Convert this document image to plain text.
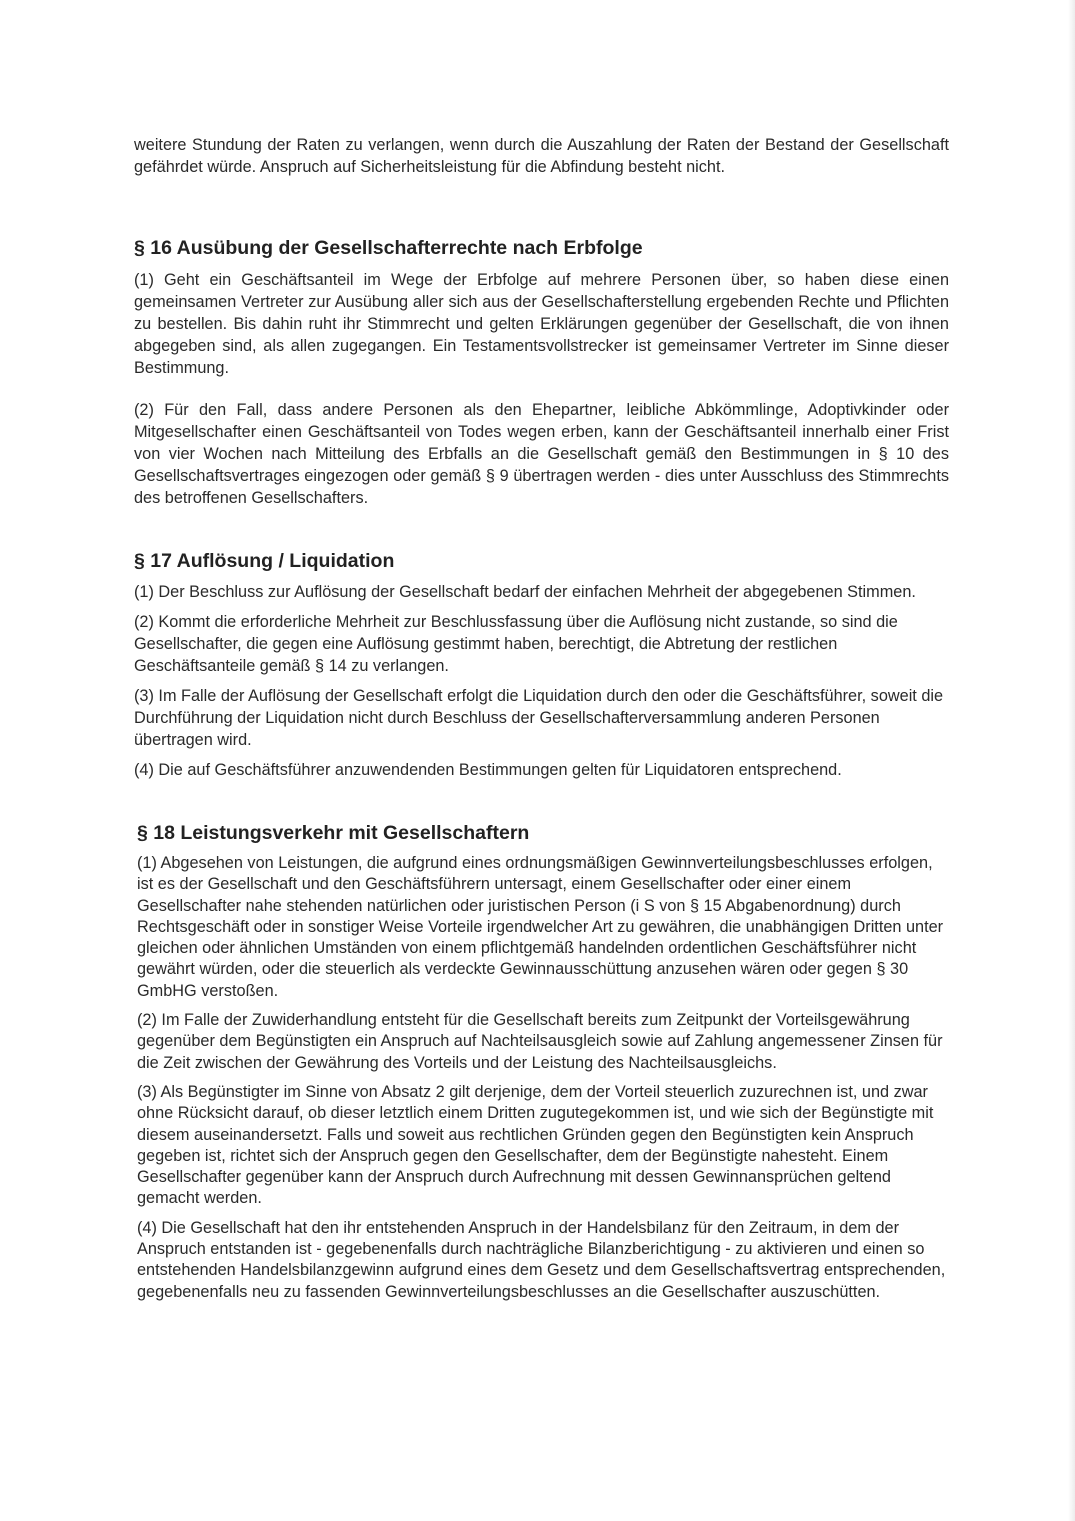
weitere Stundung der Raten zu verlangen, wenn durch die Auszahlung der Raten der Bestand der Gesellschaft gefährdet würde. Anspruch auf Sicherheitsleistung für die Abfindung besteht nicht.

§ 16 Ausübung der Gesellschafterrechte nach Erbfolge

(1) Geht ein Geschäftsanteil im Wege der Erbfolge auf mehrere Personen über, so haben diese einen gemeinsamen Vertreter zur Ausübung aller sich aus der Gesellschafterstellung ergebenden Rechte und Pflichten zu bestellen. Bis dahin ruht ihr Stimmrecht und gelten Erklärungen gegenüber der Gesellschaft, die von ihnen abgegeben sind, als allen zugegangen. Ein Testamentsvollstrecker ist gemeinsamer Vertreter im Sinne dieser Bestimmung.

(2) Für den Fall, dass andere Personen als den Ehepartner, leibliche Abkömmlinge, Adoptivkinder oder Mitgesellschafter einen Geschäftsanteil von Todes wegen erben, kann der Geschäftsanteil innerhalb einer Frist von vier Wochen nach Mitteilung des Erbfalls an die Gesellschaft gemäß den Bestimmungen in § 10 des Gesellschaftsvertrages eingezogen oder gemäß § 9 übertragen werden - dies unter Ausschluss des Stimmrechts des betroffenen Gesellschafters.

§ 17 Auflösung / Liquidation

(1) Der Beschluss zur Auflösung der Gesellschaft bedarf der einfachen Mehrheit der abgegebenen Stimmen.

(2) Kommt die erforderliche Mehrheit zur Beschlussfassung über die Auflösung nicht zustande, so sind die Gesellschafter, die gegen eine Auflösung gestimmt haben, berechtigt, die Abtretung der restlichen Geschäftsanteile gemäß § 14 zu verlangen.

(3) Im Falle der Auflösung der Gesellschaft erfolgt die Liquidation durch den oder die Geschäftsführer, soweit die Durchführung der Liquidation nicht durch Beschluss der Gesellschafterversammlung anderen Personen übertragen wird.

(4) Die auf Geschäftsführer anzuwendenden Bestimmungen gelten für Liquidatoren entsprechend.

§ 18 Leistungsverkehr mit Gesellschaftern

(1) Abgesehen von Leistungen, die aufgrund eines ordnungsmäßigen Gewinnverteilungsbeschlusses erfolgen, ist es der Gesellschaft und den Geschäftsführern untersagt, einem Gesellschafter oder einer einem Gesellschafter nahe stehenden natürlichen oder juristischen Person (i S von § 15 Abgabenordnung) durch Rechtsgeschäft oder in sonstiger Weise Vorteile irgendwelcher Art zu gewähren, die unabhängigen Dritten unter gleichen oder ähnlichen Umständen von einem pflichtgemäß handelnden ordentlichen Geschäftsführer nicht gewährt würden, oder die steuerlich als verdeckte Gewinnausschüttung anzusehen wären oder gegen § 30 GmbHG verstoßen.

(2) Im Falle der Zuwiderhandlung entsteht für die Gesellschaft bereits zum Zeitpunkt der Vorteilsgewährung gegenüber dem Begünstigten ein Anspruch auf Nachteilsausgleich sowie auf Zahlung angemessener Zinsen für die Zeit zwischen der Gewährung des Vorteils und der Leistung des Nachteilsausgleichs.

(3) Als Begünstigter im Sinne von Absatz 2 gilt derjenige, dem der Vorteil steuerlich zuzurechnen ist, und zwar ohne Rücksicht darauf, ob dieser letztlich einem Dritten zugutegekommen ist, und wie sich der Begünstigte mit diesem auseinandersetzt. Falls und soweit aus rechtlichen Gründen gegen den Begünstigten kein Anspruch gegeben ist, richtet sich der Anspruch gegen den Gesellschafter, dem der Begünstigte nahesteht. Einem Gesellschafter gegenüber kann der Anspruch durch Aufrechnung mit dessen Gewinnansprüchen geltend gemacht werden.

(4) Die Gesellschaft hat den ihr entstehenden Anspruch in der Handelsbilanz für den Zeitraum, in dem der Anspruch entstanden ist - gegebenenfalls durch nachträgliche Bilanzberichtigung - zu aktivieren und einen so entstehenden Handelsbilanzgewinn aufgrund eines dem Gesetz und dem Gesellschaftsvertrag entsprechenden, gegebenenfalls neu zu fassenden Gewinnverteilungsbeschlusses an die Gesellschafter auszuschütten.
